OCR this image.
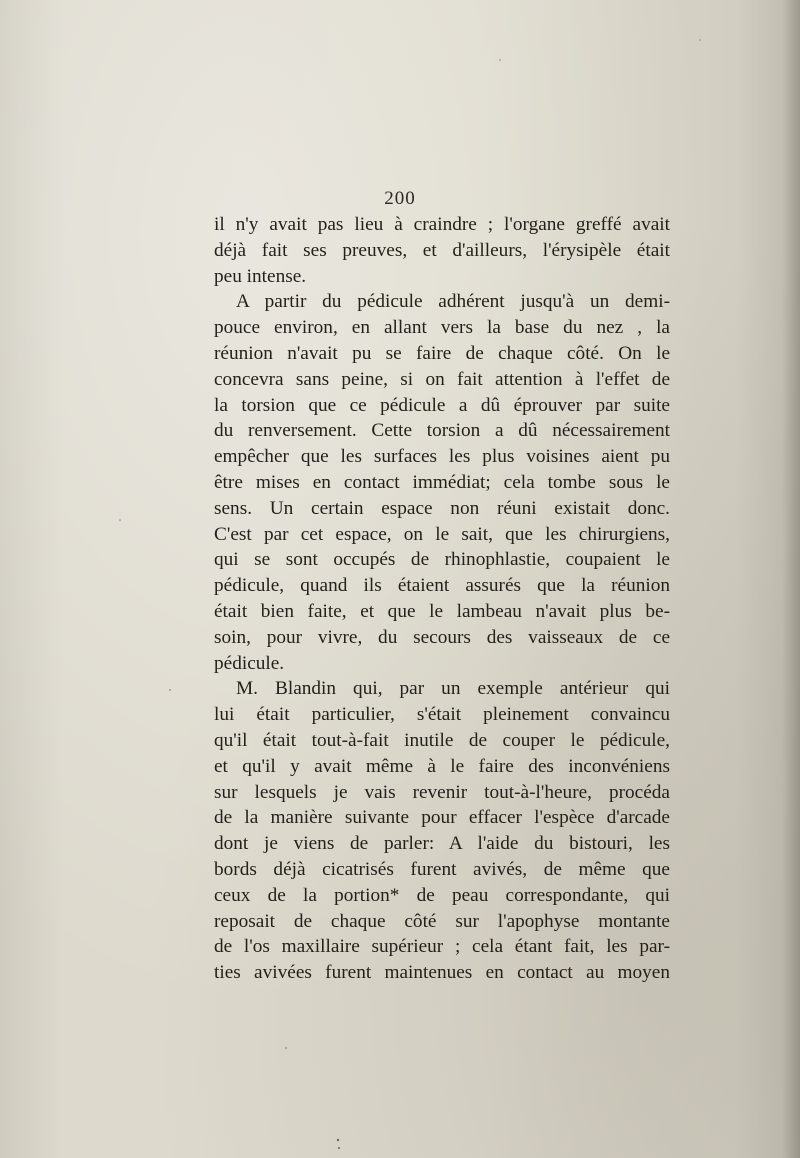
200
il n'y avait pas lieu à craindre ; l'organe greffé avait
déjà fait ses preuves, et d'ailleurs, l'érysipèle était
peu intense.
A partir du pédicule adhérent jusqu'à un demi-
pouce environ, en allant vers la base du nez , la
réunion n'avait pu se faire de chaque côté. On le
concevra sans peine, si on fait attention à l'effet de
la torsion que ce pédicule a dû éprouver par suite
du renversement. Cette torsion a dû nécessairement
empêcher que les surfaces les plus voisines aient pu
être mises en contact immédiat; cela tombe sous le
sens. Un certain espace non réuni existait donc.
C'est par cet espace, on le sait, que les chirurgiens,
qui se sont occupés de rhinophlastie, coupaient le
pédicule, quand ils étaient assurés que la réunion
était bien faite, et que le lambeau n'avait plus be-
soin, pour vivre, du secours des vaisseaux de ce
pédicule.
M. Blandin qui, par un exemple antérieur qui
lui était particulier, s'était pleinement convaincu
qu'il était tout-à-fait inutile de couper le pédicule,
et qu'il y avait même à le faire des inconvéniens
sur lesquels je vais revenir tout-à-l'heure, procéda
de la manière suivante pour effacer l'espèce d'arcade
dont je viens de parler: A l'aide du bistouri, les
bords déjà cicatrisés furent avivés, de même que
ceux de la portion* de peau correspondante, qui
reposait de chaque côté sur l'apophyse montante
de l'os maxillaire supérieur ; cela étant fait, les par-
ties avivées furent maintenues en contact au moyen
